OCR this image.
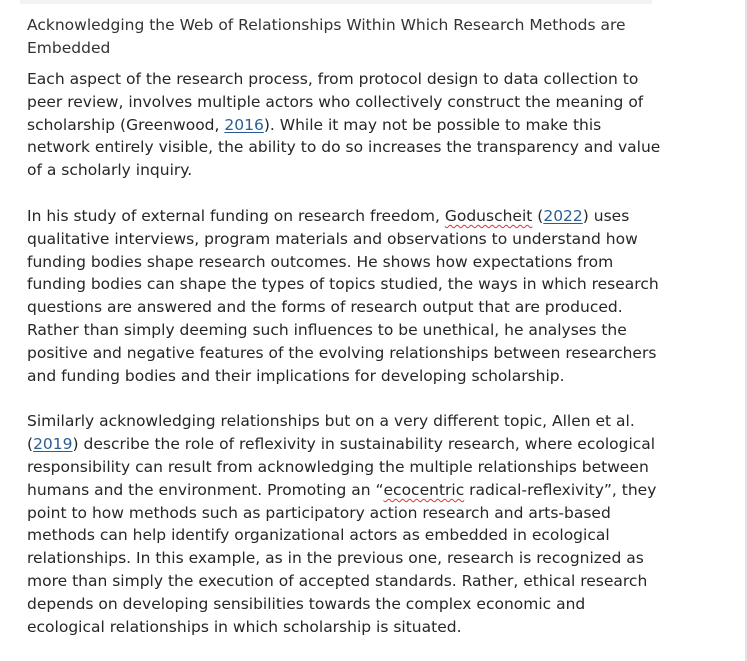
Acknowledging the Web of Relationships Within Which Research Methods are Embedded

Each aspect of the research process, from protocol design to data collection to peer review, involves multiple actors who collectively construct the meaning of scholarship (Greenwood, 2016). While it may not be possible to make this network entirely visible, the ability to do so increases the transparency and value of a scholarly inquiry.

In his study of external funding on research freedom, Goduscheit (2022) uses qualitative interviews, program materials and observations to understand how funding bodies shape research outcomes. He shows how expectations from funding bodies can shape the types of topics studied, the ways in which research questions are answered and the forms of research output that are produced. Rather than simply deeming such influences to be unethical, he analyses the positive and negative features of the evolving relationships between researchers and funding bodies and their implications for developing scholarship.

Similarly acknowledging relationships but on a very different topic, Allen et al. (2019) describe the role of reflexivity in sustainability research, where ecological responsibility can result from acknowledging the multiple relationships between humans and the environment. Promoting an “ecocentric radical-reflexivity”, they point to how methods such as participatory action research and arts-based methods can help identify organizational actors as embedded in ecological relationships. In this example, as in the previous one, research is recognized as more than simply the execution of accepted standards. Rather, ethical research depends on developing sensibilities towards the complex economic and ecological relationships in which scholarship is situated.
